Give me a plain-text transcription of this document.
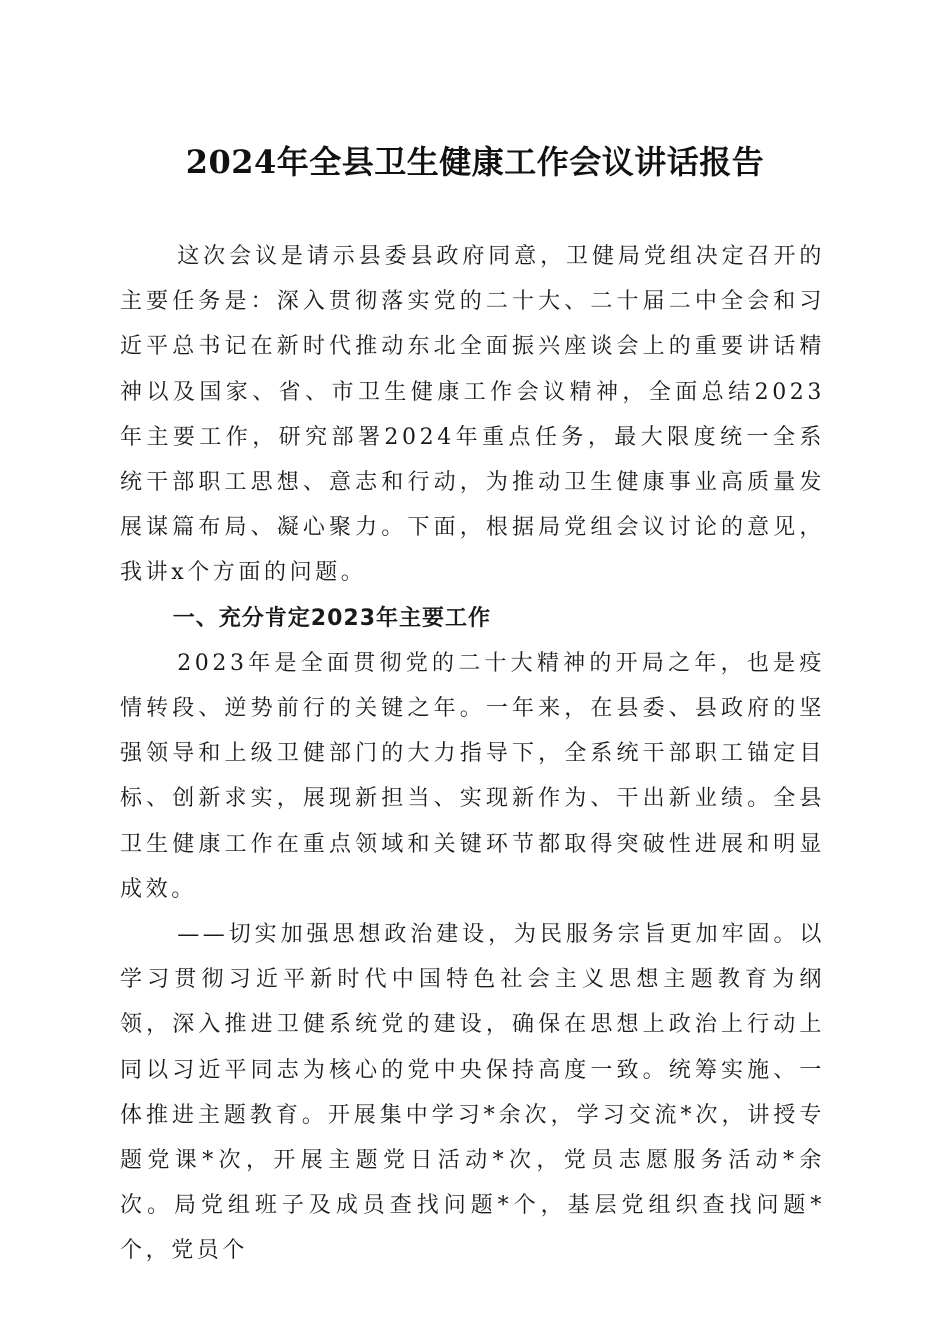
2024年全县卫生健康工作会议讲话报告

这次会议是请示县委县政府同意，卫健局党组决定召开的主要任务是：深入贯彻落实党的二十大、二十届二中全会和习近平总书记在新时代推动东北全面振兴座谈会上的重要讲话精神以及国家、省、市卫生健康工作会议精神，全面总结2023年主要工作，研究部署2024年重点任务，最大限度统一全系统干部职工思想、意志和行动，为推动卫生健康事业高质量发展谋篇布局、凝心聚力。下面，根据局党组会议讨论的意见，我讲x个方面的问题。

一、充分肯定2023年主要工作

2023年是全面贯彻党的二十大精神的开局之年，也是疫情转段、逆势前行的关键之年。一年来，在县委、县政府的坚强领导和上级卫健部门的大力指导下，全系统干部职工锚定目标、创新求实，展现新担当、实现新作为、干出新业绩。全县卫生健康工作在重点领域和关键环节都取得突破性进展和明显成效。

——切实加强思想政治建设，为民服务宗旨更加牢固。以学习贯彻习近平新时代中国特色社会主义思想主题教育为纲领，深入推进卫健系统党的建设，确保在思想上政治上行动上同以习近平同志为核心的党中央保持高度一致。统筹实施、一体推进主题教育。开展集中学习*余次，学习交流*次，讲授专题党课*次，开展主题党日活动*次，党员志愿服务活动*余次。局党组班子及成员查找问题*个，基层党组织查找问题*个，党员个
